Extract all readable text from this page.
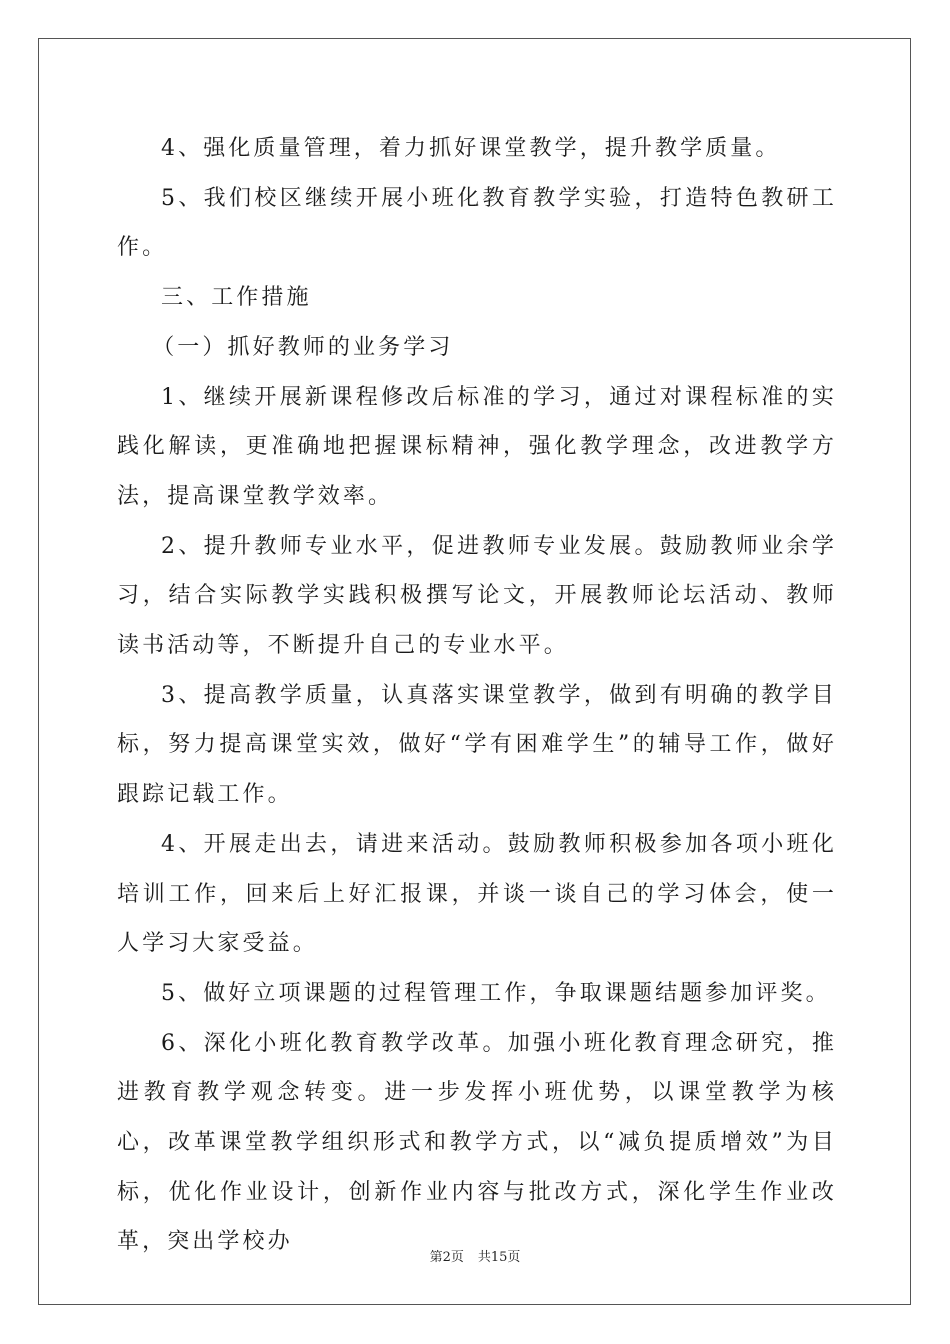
4、强化质量管理，着力抓好课堂教学，提升教学质量。

5、我们校区继续开展小班化教育教学实验，打造特色教研工作。

三、工作措施

（一）抓好教师的业务学习

1、继续开展新课程修改后标准的学习，通过对课程标准的实践化解读，更准确地把握课标精神，强化教学理念，改进教学方法，提高课堂教学效率。

2、提升教师专业水平，促进教师专业发展。鼓励教师业余学习，结合实际教学实践积极撰写论文，开展教师论坛活动、教师读书活动等，不断提升自己的专业水平。

3、提高教学质量，认真落实课堂教学，做到有明确的教学目标，努力提高课堂实效，做好“学有困难学生”的辅导工作，做好跟踪记载工作。

4、开展走出去，请进来活动。鼓励教师积极参加各项小班化培训工作，回来后上好汇报课，并谈一谈自己的学习体会，使一人学习大家受益。

5、做好立项课题的过程管理工作，争取课题结题参加评奖。

6、深化小班化教育教学改革。加强小班化教育理念研究，推进教育教学观念转变。进一步发挥小班优势，以课堂教学为核心，改革课堂教学组织形式和教学方式，以“减负提质增效”为目标，优化作业设计，创新作业内容与批改方式，深化学生作业改革，突出学校办

第2页 共15页
